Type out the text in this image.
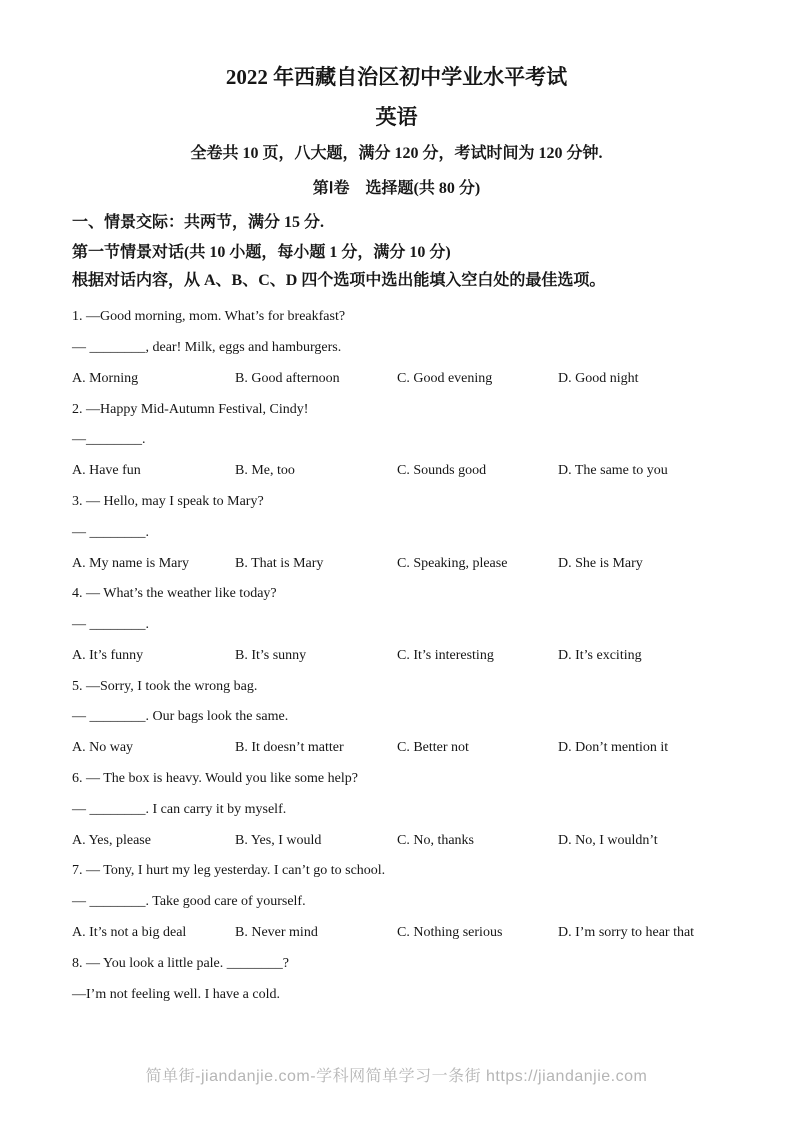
2022 年西藏自治区初中学业水平考试
英语
全卷共 10 页，八大题，满分 120 分，考试时间为 120 分钟.
第Ⅰ卷　选择题(共 80 分)
一、情景交际：共两节，满分 15 分.
第一节情景对话(共 10 小题，每小题 1 分，满分 10 分)
根据对话内容，从 A、B、C、D 四个选项中选出能填入空白处的最佳选项。
1. —Good morning, mom. What’s for breakfast?
— ________, dear! Milk, eggs and hamburgers.
A. Morning	B. Good afternoon	C. Good evening	D. Good night
2. —Happy Mid-Autumn Festival, Cindy!
—________.
A. Have fun	B. Me, too	C. Sounds good	D. The same to you
3. — Hello, may I speak to Mary?
— ________.
A. My name is Mary	B. That is Mary	C. Speaking, please	D. She is Mary
4. — What’s the weather like today?
— ________.
A. It’s funny	B. It’s sunny	C. It’s interesting	D. It’s exciting
5. —Sorry, I took the wrong bag.
— ________. Our bags look the same.
A. No way	B. It doesn’t matter	C. Better not	D. Don’t mention it
6. — The box is heavy. Would you like some help?
— ________. I can carry it by myself.
A. Yes, please	B. Yes, I would	C. No, thanks	D. No, I wouldn’t
7. — Tony, I hurt my leg yesterday. I can’t go to school.
— ________. Take good care of yourself.
A. It’s not a big deal	B. Never mind	C. Nothing serious	D. I’m sorry to hear that
8. — You look a little pale. ________?
—I’m not feeling well. I have a cold.
简单街-jiandanjie.com-学科网简单学习一条街 https://jiandanjie.com
